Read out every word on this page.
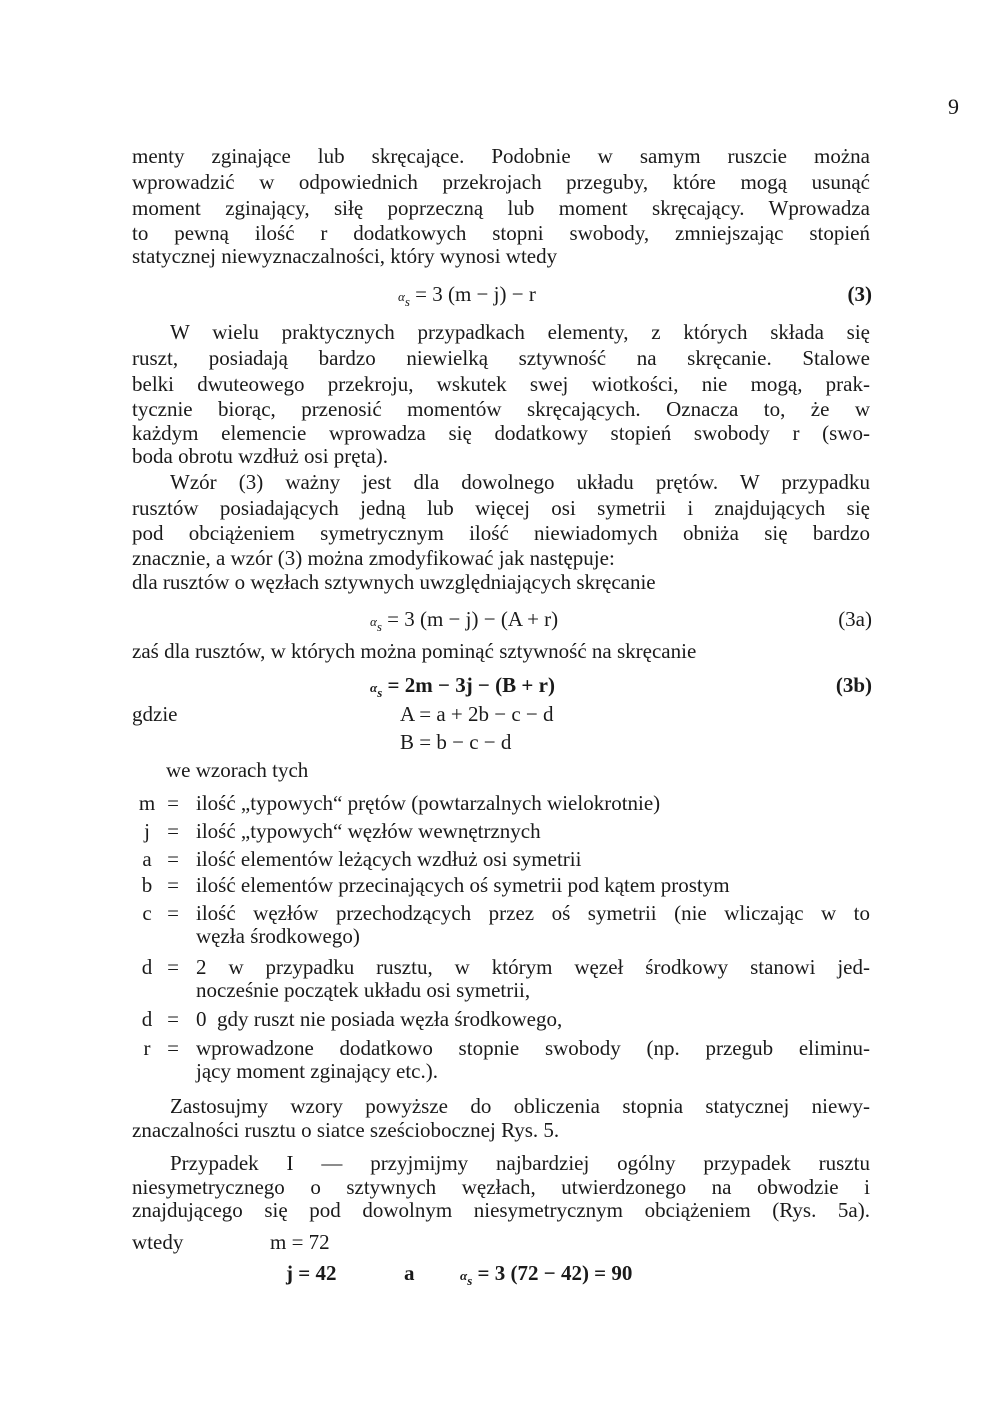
9
menty zginające lub skręcające. Podobnie w samym ruszcie można
wprowadzić w odpowiednich przekrojach przeguby, które mogą usunąć
moment zginający, siłę poprzeczną lub moment skręcający. Wprowadza
to pewną ilość r dodatkowych stopni swobody, zmniejszając stopień
statycznej niewyznaczalności, który wynosi wtedy
$\alpha_s = 3$ (m − j) − r	(3)
W wielu praktycznych przypadkach elementy, z których składa się
ruszt, posiadają bardzo niewielką sztywność na skręcanie. Stalowe
belki dwuteowego przekroju, wskutek swej wiotkości, nie mogą, prak-
tycznie biorąc, przenosić momentów skręcających. Oznacza to, że w
każdym elemencie wprowadza się dodatkowy stopień swobody r (swo-
boda obrotu wzdłuż osi pręta).
Wzór (3) ważny jest dla dowolnego układu prętów. W przypadku
rusztów posiadających jedną lub więcej osi symetrii i znajdujących się
pod obciążeniem symetrycznym ilość niewiadomych obniża się bardzo
znacznie, a wzór (3) można zmodyfikować jak następuje:
dla rusztów o węzłach sztywnych uwzględniających skręcanie
$\alpha_s = 3$ (m − j) − (A + r)	(3a)
zaś dla rusztów, w których można pominąć sztywność na skręcanie
$\alpha_s = 2m - 3j - (B + r)$	(3b)
gdzie	A = a + 2b − c − d
B = b − c − d
we wzorach tych
m = ilość „typowych“ prętów (powtarzalnych wielokrotnie)
j = ilość „typowych“ węzłów wewnętrznych
a = ilość elementów leżących wzdłuż osi symetrii
b = ilość elementów przecinających oś symetrii pod kątem prostym
c = ilość węzłów przechodzących przez oś symetrii (nie wliczając w to
węzła środkowego)
d = 2 w przypadku rusztu, w którym węzeł środkowy stanowi jed-
nocześnie początek układu osi symetrii,
d = 0  gdy ruszt nie posiada węzła środkowego,
r = wprowadzone dodatkowo stopnie swobody (np. przegub eliminu-
jący moment zginający etc.).
Zastosujmy wzory powyższe do obliczenia stopnia statycznej niewy-
znaczalności rusztu o siatce sześciobocznej Rys. 5.
Przypadek I — przyjmijmy najbardziej ogólny przypadek rusztu
niesymetrycznego o sztywnych węzłach, utwierdzonego na obwodzie i
znajdującego się pod dowolnym niesymetrycznym obciążeniem (Rys. 5a).
wtedy	m = 72
j = 42	a	$\alpha_s = 3$ (72 − 42) = 90
